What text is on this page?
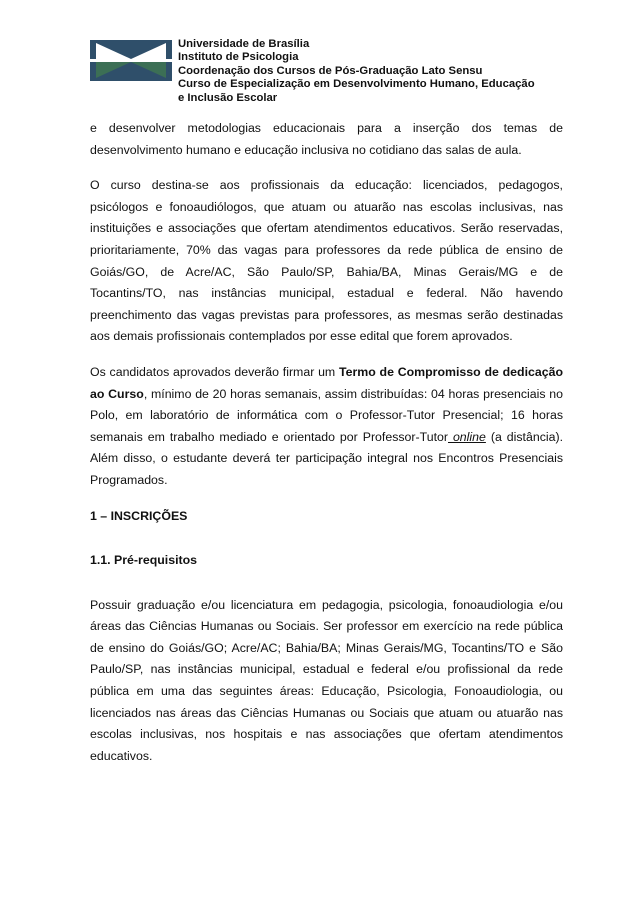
Universidade de Brasília
Instituto de Psicologia
Coordenação dos Cursos de Pós-Graduação Lato Sensu
Curso de Especialização em Desenvolvimento Humano, Educação
e Inclusão Escolar

e desenvolver metodologias educacionais para a inserção dos temas de desenvolvimento humano e educação inclusiva no cotidiano das salas de aula.

O curso destina-se aos profissionais da educação: licenciados, pedagogos, psicólogos e fonoaudiólogos, que atuam ou atuarão nas escolas inclusivas, nas instituições e associações que ofertam atendimentos educativos. Serão reservadas, prioritariamente, 70% das vagas para professores da rede pública de ensino de Goiás/GO, de Acre/AC, São Paulo/SP, Bahia/BA, Minas Gerais/MG e de Tocantins/TO, nas instâncias municipal, estadual e federal. Não havendo preenchimento das vagas previstas para professores, as mesmas serão destinadas aos demais profissionais contemplados por esse edital que forem aprovados.

Os candidatos aprovados deverão firmar um Termo de Compromisso de dedicação ao Curso, mínimo de 20 horas semanais, assim distribuídas: 04 horas presenciais no Polo, em laboratório de informática com o Professor-Tutor Presencial; 16 horas semanais em trabalho mediado e orientado por Professor-Tutor online (a distância). Além disso, o estudante deverá ter participação integral nos Encontros Presenciais Programados.

1 – INSCRIÇÕES

1.1. Pré-requisitos

Possuir graduação e/ou licenciatura em pedagogia, psicologia, fonoaudiologia e/ou áreas das Ciências Humanas ou Sociais. Ser professor em exercício na rede pública de ensino do Goiás/GO; Acre/AC; Bahia/BA; Minas Gerais/MG, Tocantins/TO e São Paulo/SP, nas instâncias municipal, estadual e federal e/ou profissional da rede pública em uma das seguintes áreas: Educação, Psicologia, Fonoaudiologia, ou licenciados nas áreas das Ciências Humanas ou Sociais que atuam ou atuarão nas escolas inclusivas, nos hospitais e nas associações que ofertam atendimentos educativos.
